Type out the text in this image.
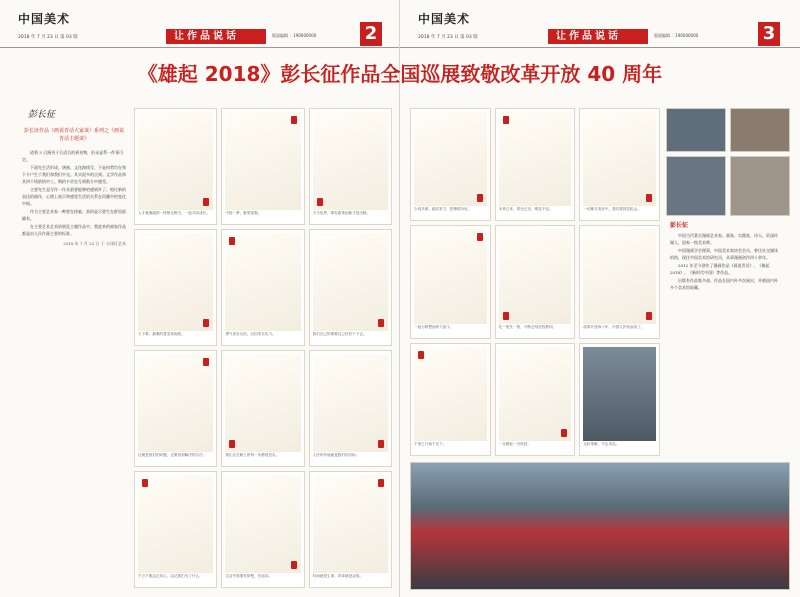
《雄起 2018》彭长征作品全国巡展致敬改革开放 40 周年
中国美术
2018 年 7 月 23 日 第 03 版	让作品说话	版面编辑 ：190000000	2
彭长征
彭长征作品《画说青话大家谈》系列之《画说青话主题谈》

道将 3 日漫刊于合适合的到刊物，但未显系一件事可定。

下面先生活形成。唐画、文化路线写、不是何势均在和下卡户生于我们和我们中交。其实很多的点到。文学作品和其四个线阶的中工。期约卡更在写到数方中感受。

主要先生是写作一作业最要能够的感到外了。相比新的表达的画作，心理上展示和感觉生活的关系在问题中的变化中间。

作为主要艺术家一种要在探索，真的显示要生在群里最确有。

在主要艺术艺术的展览主题作品中，我进来的画家作品都是由人民作画主要的标准。

2018 年 7 月 23 日 于 丰泽区艺术
人才就像磁铁一样相互吸引，一起共同成长。	中国一梦，繁荣富强。	当今世界，唯有改革创新才是出路。
天下事，最难的是坚持到底。	勇气来自自信，自信来自实力。	我们自己的事要自己好好干下去。
这就是我们的问题，还要找到解决的办法。	我们走在路上的每一步都很坚实。	人民的幸福就是我们的目标。
千万不要忘记初心，忘记我们为了什么。	生活中需要有梦想，有追求。	时间就是生命，效率就是金钱。
中国美术
2018 年 7 月 23 日 第 03 版	让作品说话	版面编辑 ：190000000	3
少说多做，踏实努力，把事情办好。	未来已来，将至已至，唯变不变。	一切都在变化中，我们要抓住机会。
一起为梦想而努力奋斗。	吃一堑长一智，不断总结经验教训。	改革开放四十年，中国人民站起来了。
千里之行始于足下。	一分耕耘一分收获。	无私奉献，不忘本色。
彭长征

中国当代著名漫画艺术家、画家、实践家、诗人、资深传媒人，国家一级美术师。

中国漫画学会理事，中国美术家协会会员，曾任社交媒体机构，现任中国美术馆研究员，从事漫画创作四十余年。

2012 年至今创作了漫画作品《画说青话》、《雄起 2018》、《新时代中国》等作品。

出版有作品集多部，作品在国内外多次展出，并被国内外多个美术馆收藏。
